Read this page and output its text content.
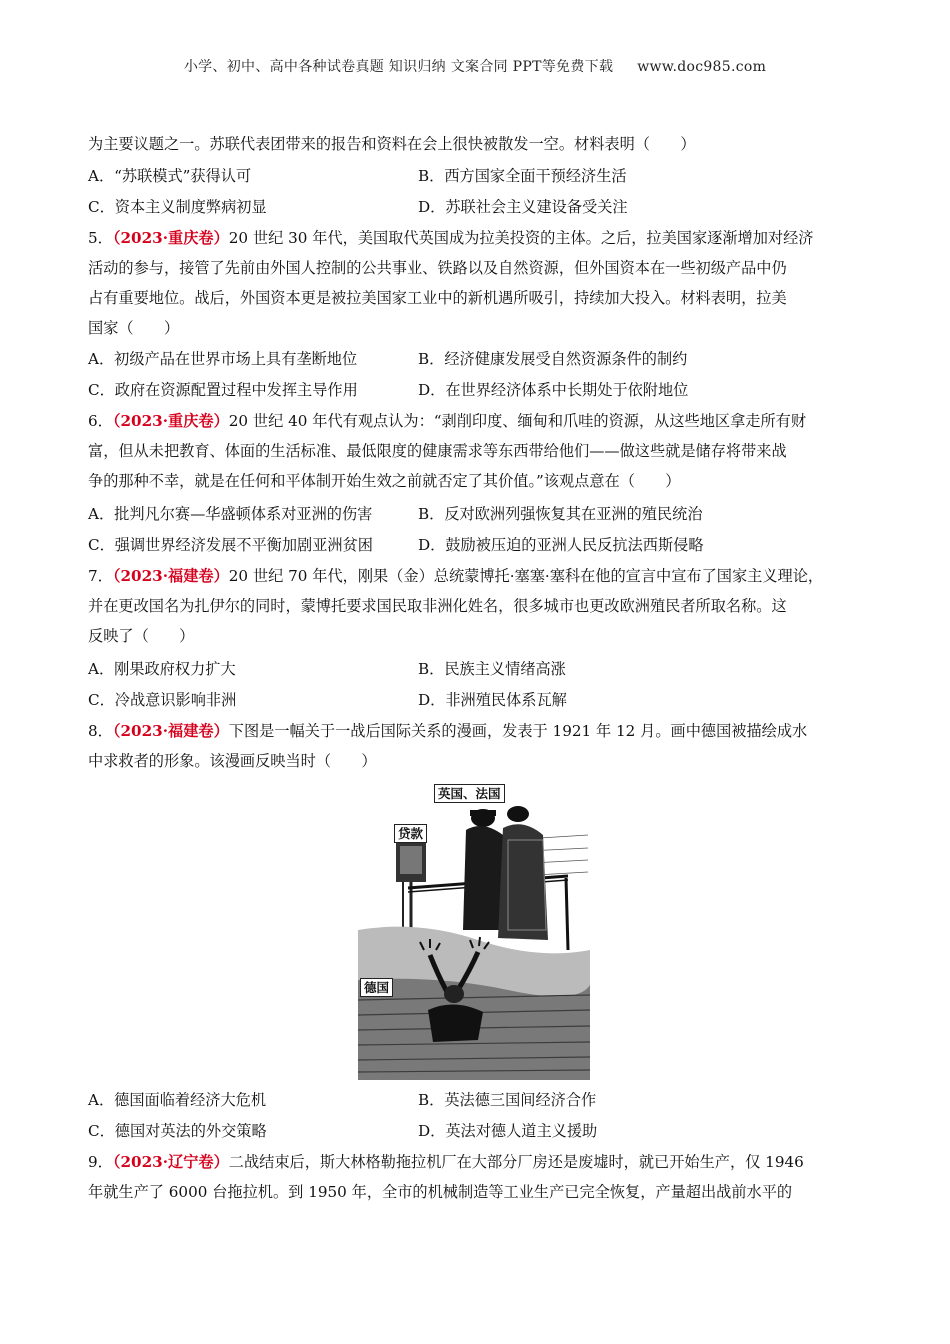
小学、初中、高中各种试卷真题 知识归纳 文案合同 PPT等免费下载 www.doc985.com
为主要议题之一。苏联代表团带来的报告和资料在会上很快被散发一空。材料表明（　　）
A．“苏联模式”获得认可	B．西方国家全面干预经济生活
C．资本主义制度弊病初显	D．苏联社会主义建设备受关注
5．（2023·重庆卷）20 世纪 30 年代，美国取代英国成为拉美投资的主体。之后，拉美国家逐渐增加对经济
活动的参与，接管了先前由外国人控制的公共事业、铁路以及自然资源，但外国资本在一些初级产品中仍
占有重要地位。战后，外国资本更是被拉美国家工业中的新机遇所吸引，持续加大投入。材料表明，拉美
国家（　　）
A．初级产品在世界市场上具有垄断地位	B．经济健康发展受自然资源条件的制约
C．政府在资源配置过程中发挥主导作用	D．在世界经济体系中长期处于依附地位
6．（2023·重庆卷）20 世纪 40 年代有观点认为：“剥削印度、缅甸和爪哇的资源，从这些地区拿走所有财
富，但从未把教育、体面的生活标准、最低限度的健康需求等东西带给他们——做这些就是储存将带来战
争的那种不幸，就是在任何和平体制开始生效之前就否定了其价值。”该观点意在（　　）
A．批判凡尔赛—华盛顿体系对亚洲的伤害	B．反对欧洲列强恢复其在亚洲的殖民统治
C．强调世界经济发展不平衡加剧亚洲贫困	D．鼓励被压迫的亚洲人民反抗法西斯侵略
7．（2023·福建卷）20 世纪 70 年代，刚果（金）总统蒙博托·塞塞·塞科在他的宣言中宣布了国家主义理论，
并在更改国名为扎伊尔的同时，蒙博托要求国民取非洲化姓名，很多城市也更改欧洲殖民者所取名称。这
反映了（　　）
A．刚果政府权力扩大	B．民族主义情绪高涨
C．冷战意识影响非洲	D．非洲殖民体系瓦解
8．（2023·福建卷）下图是一幅关于一战后国际关系的漫画，发表于 1921 年 12 月。画中德国被描绘成水
中求救者的形象。该漫画反映当时（　　）
英国、法国
贷款
德国
A．德国面临着经济大危机	B．英法德三国间经济合作
C．德国对英法的外交策略	D．英法对德人道主义援助
9．（2023·辽宁卷）二战结束后，斯大林格勒拖拉机厂在大部分厂房还是废墟时，就已开始生产，仅 1946
年就生产了 6000 台拖拉机。到 1950 年，全市的机械制造等工业生产已完全恢复，产量超出战前水平的
